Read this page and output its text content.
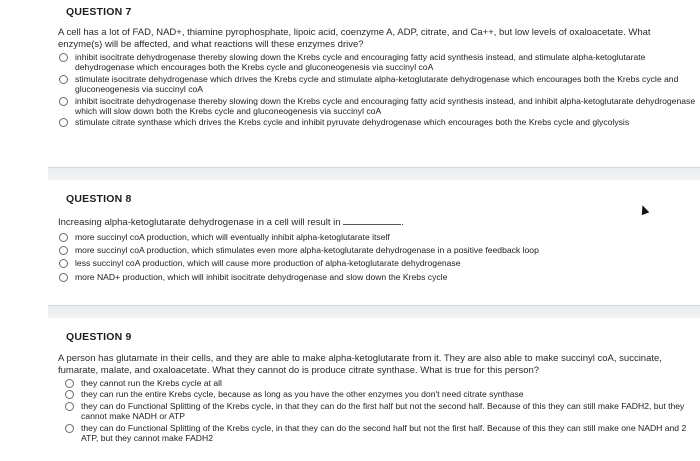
QUESTION 7
A cell has a lot of FAD, NAD+, thiamine pyrophosphate, lipoic acid, coenzyme A, ADP, citrate, and Ca++, but low levels of oxaloacetate. What enzyme(s) will be affected, and what reactions will these enzymes drive?
inhibit isocitrate dehydrogenase thereby slowing down the Krebs cycle and encouraging fatty acid synthesis instead, and stimulate alpha-ketoglutarate dehydrogenase which encourages both the Krebs cycle and gluconeogenesis via succinyl coA
stimulate isocitrate dehydrogenase which drives the Krebs cycle and stimulate alpha-ketoglutarate dehydrogenase which encourages both the Krebs cycle and gluconeogenesis via succinyl coA
inhibit isocitrate dehydrogenase thereby slowing down the Krebs cycle and encouraging fatty acid synthesis instead, and inhibit alpha-ketoglutarate dehydrogenase which will slow down both the Krebs cycle and gluconeogenesis via succinyl coA
stimulate citrate synthase which drives the Krebs cycle and inhibit pyruvate dehydrogenase which encourages both the Krebs cycle and glycolysis
QUESTION 8
Increasing alpha-ketoglutarate dehydrogenase in a cell will result in	.
more succinyl coA production, which will eventually inhibit alpha-ketoglutarate itself
more succinyl coA production, which stimulates even more alpha-ketoglutarate dehydrogenase in a positive feedback loop
less succinyl coA production, which will cause more production of alpha-ketoglutarate dehydrogenase
more NAD+ production, which will inhibit isocitrate dehydrogenase and slow down the Krebs cycle
QUESTION 9
A person has glutamate in their cells, and they are able to make alpha-ketoglutarate from it. They are also able to make succinyl coA, succinate, fumarate, malate, and oxaloacetate. What they cannot do is produce citrate synthase. What is true for this person?
they cannot run the Krebs cycle at all
they can run the entire Krebs cycle, because as long as you have the other enzymes you don't need citrate synthase
they can do Functional Splitting of the Krebs cycle, in that they can do the first half but not the second half. Because of this they can still make FADH2, but they cannot make NADH or ATP
they can do Functional Splitting of the Krebs cycle, in that they can do the second half but not the first half. Because of this they can still make one NADH and 2 ATP, but they cannot make FADH2
